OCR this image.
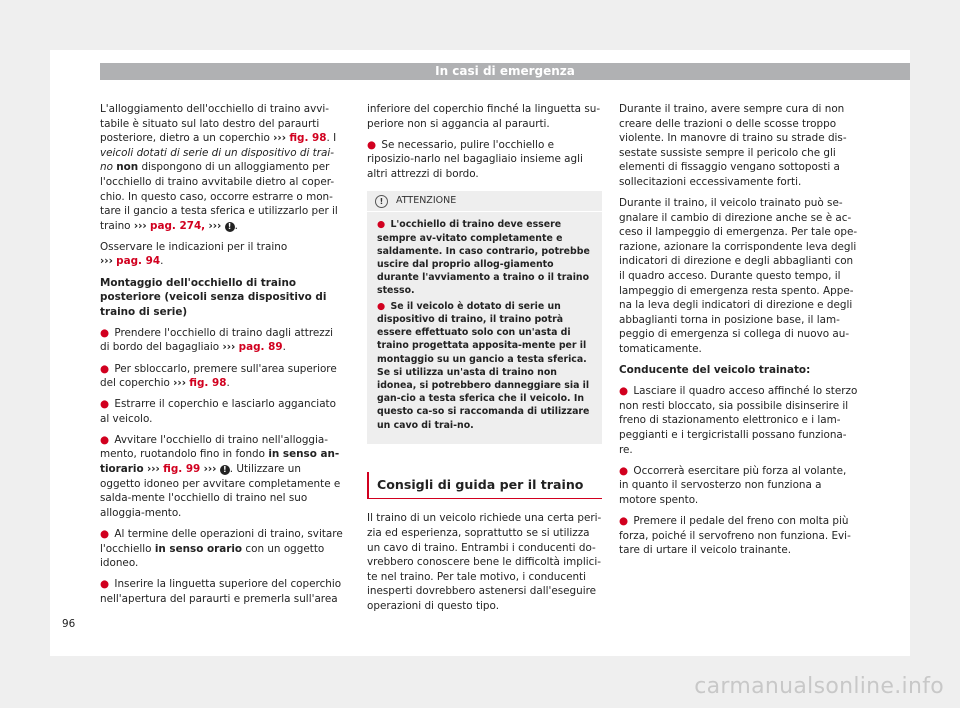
In casi di emergenza

L'alloggiamento dell'occhiello di traino avvi-tabile è situato sul lato destro del paraurti posteriore, dietro a un coperchio ››› fig. 98. I veicoli dotati di serie di un dispositivo di trai-no non dispongono di un alloggiamento per l'occhiello di traino avvitabile dietro al coper-chio. In questo caso, occorre estrarre o mon-tare il gancio a testa sferica e utilizzarlo per il traino ››› pag. 274, ››› ! .

Osservare le indicazioni per il traino
››› pag. 94.

Montaggio dell'occhiello di traino posteriore (veicoli senza dispositivo di traino di serie)

● Prendere l'occhiello di traino dagli attrezzi di bordo del bagagliaio ››› pag. 89.

● Per sbloccarlo, premere sull'area superiore del coperchio ››› fig. 98.

● Estrarre il coperchio e lasciarlo agganciato al veicolo.

● Avvitare l'occhiello di traino nell'alloggia-mento, ruotandolo fino in fondo in senso an-tiorario ››› fig. 99 ››› ! . Utilizzare un oggetto idoneo per avvitare completamente e salda-mente l'occhiello di traino nel suo alloggia-mento.

● Al termine delle operazioni di traino, svitare l'occhiello in senso orario con un oggetto idoneo.

● Inserire la linguetta superiore del coperchio nell'apertura del paraurti e premerla sull'area

inferiore del coperchio finché la linguetta su-periore non si aggancia al paraurti.

● Se necessario, pulire l'occhiello e riposizio-narlo nel bagagliaio insieme agli altri attrezzi di bordo.

!	ATTENZIONE

● L'occhiello di traino deve essere sempre av-vitato completamente e saldamente. In caso contrario, potrebbe uscire dal proprio allog-giamento durante l'avviamento a traino o il traino stesso.

● Se il veicolo è dotato di serie un dispositivo di traino, il traino potrà essere effettuato solo con un'asta di traino progettata apposita-mente per il montaggio su un gancio a testa sferica. Se si utilizza un'asta di traino non idonea, si potrebbero danneggiare sia il gan-cio a testa sferica che il veicolo. In questo ca-so si raccomanda di utilizzare un cavo di trai-no.

Consigli di guida per il traino

Il traino di un veicolo richiede una certa peri-zia ed esperienza, soprattutto se si utilizza un cavo di traino. Entrambi i conducenti do-vrebbero conoscere bene le difficoltà implici-te nel traino. Per tale motivo, i conducenti inesperti dovrebbero astenersi dall'eseguire operazioni di questo tipo.

Durante il traino, avere sempre cura di non creare delle trazioni o delle scosse troppo violente. In manovre di traino su strade dis-sestate sussiste sempre il pericolo che gli elementi di fissaggio vengano sottoposti a sollecitazioni eccessivamente forti.

Durante il traino, il veicolo trainato può se-gnalare il cambio di direzione anche se è ac-ceso il lampeggio di emergenza. Per tale ope-razione, azionare la corrispondente leva degli indicatori di direzione e degli abbaglianti con il quadro acceso. Durante questo tempo, il lampeggio di emergenza resta spento. Appe-na la leva degli indicatori di direzione e degli abbaglianti torna in posizione base, il lam-peggio di emergenza si collega di nuovo au-tomaticamente.

Conducente del veicolo trainato:

● Lasciare il quadro acceso affinché lo sterzo non resti bloccato, sia possibile disinserire il freno di stazionamento elettronico e i lam-peggianti e i tergicristalli possano funziona-re.

● Occorrerà esercitare più forza al volante, in quanto il servosterzo non funziona a motore spento.

● Premere il pedale del freno con molta più forza, poiché il servofreno non funziona. Evi-tare di urtare il veicolo trainante.

96
carmanualsonline.info
